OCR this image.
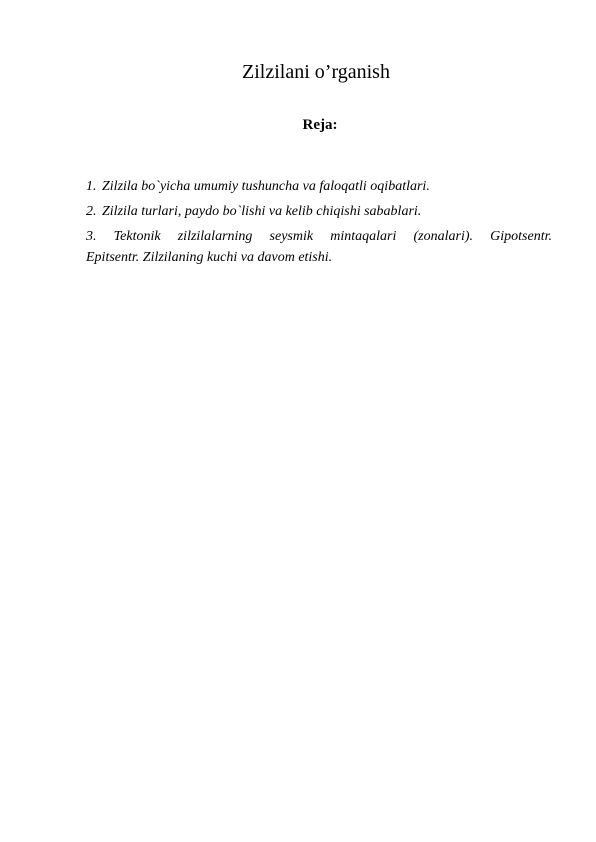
Zilzilani o’rganish
Reja:
1. Zilzila bo`yicha umumiy tushuncha va faloqatli oqibatlari.
2. Zilzila turlari, paydo bo`lishi va kelib chiqishi sabablari.
3. Tektonik zilzilalarning seysmik mintaqalari (zonalari). Gipotsentr.
Epitsentr. Zilzilaning kuchi va davom etishi.
